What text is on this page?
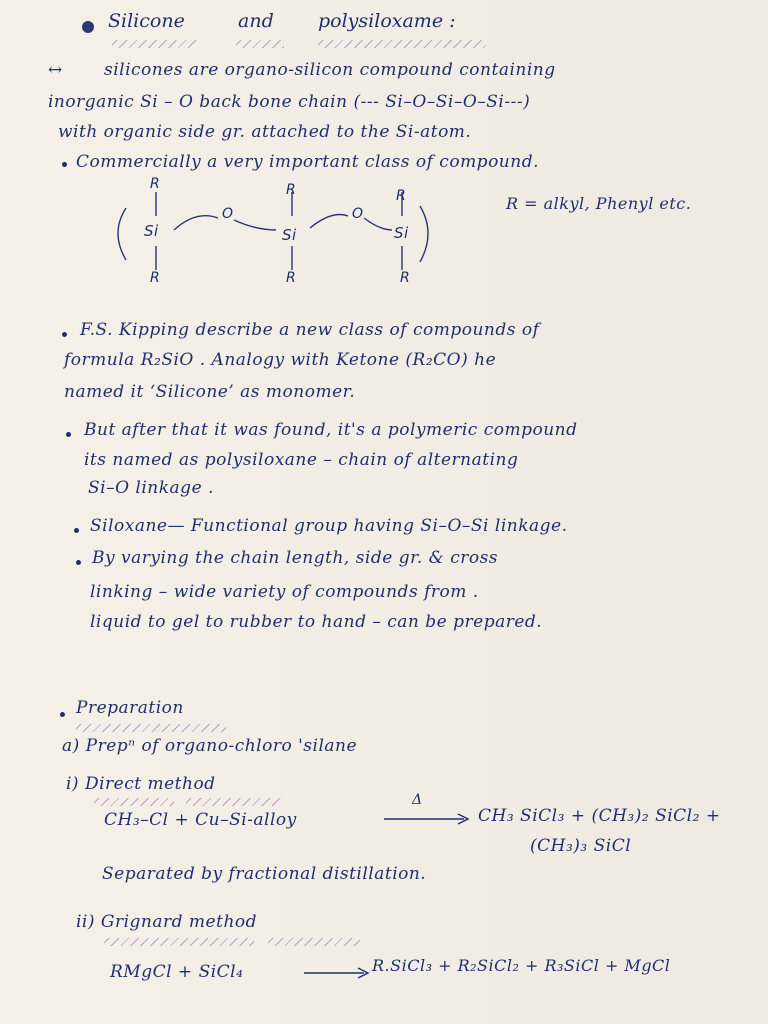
Silicone	and polysiloxame :
↔ silicones are organo-silicon compound containing
inorganic Si – O back bone chain (--- Si–O–Si–O–Si---)
with organic side gr. attached to the Si-atom.
Commercially a very important class of compound.
R	R	R
Si
O
Si
O
Si
R	R	R
R = alkyl, Phenyl etc.
F.S. Kipping describe a new class of compounds of
formula R₂SiO . Analogy with Ketone (R₂CO) he
named it ‘Silicone’ as monomer.
But after that it was found, it's a polymeric compound
its named as polysiloxane – chain of alternating
Si–O linkage .
Siloxane— Functional group having Si–O–Si linkage.
By varying the chain length, side gr. & cross
linking – wide variety of compounds from .
liquid to gel to rubber to hand – can be prepared.
Preparation
a) Prepⁿ of organo-chloro 'silane
i) Direct method
CH₃–Cl + Cu–Si-alloy
Δ
CH₃ SiCl₃ + (CH₃)₂ SiCl₂ +
(CH₃)₃ SiCl
Separated by fractional distillation.
ii) Grignard method
RMgCl + SiCl₄	R.SiCl₃ + R₂SiCl₂ + R₃SiCl + MgCl
